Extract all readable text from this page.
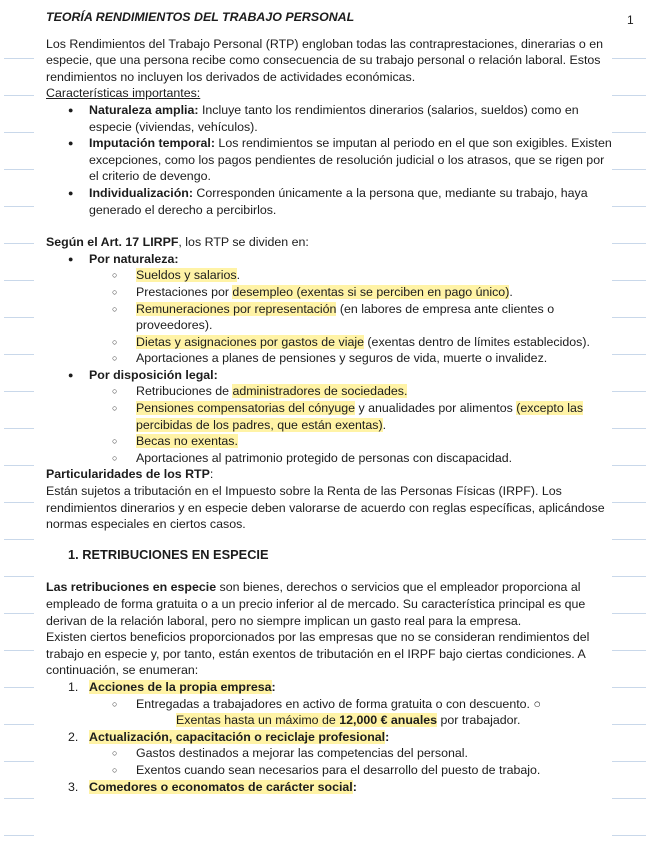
1

TEORÍA RENDIMIENTOS DEL TRABAJO PERSONAL

Los Rendimientos del Trabajo Personal (RTP) engloban todas las contraprestaciones, dinerarias o en especie, que una persona recibe como consecuencia de su trabajo personal o relación laboral. Estos rendimientos no incluyen los derivados de actividades económicas.

Características importantes:

● Naturaleza amplia: Incluye tanto los rendimientos dinerarios (salarios, sueldos) como en especie (viviendas, vehículos).
● Imputación temporal: Los rendimientos se imputan al periodo en el que son exigibles. Existen excepciones, como los pagos pendientes de resolución judicial o los atrasos, que se rigen por el criterio de devengo.
● Individualización: Corresponden únicamente a la persona que, mediante su trabajo, haya generado el derecho a percibirlos.

Según el Art. 17 LIRPF, los RTP se dividen en:

● Por naturaleza:
○ Sueldos y salarios.
○ Prestaciones por desempleo (exentas si se perciben en pago único).
○ Remuneraciones por representación (en labores de empresa ante clientes o proveedores).
○ Dietas y asignaciones por gastos de viaje (exentas dentro de límites establecidos).
○ Aportaciones a planes de pensiones y seguros de vida, muerte o invalidez.
● Por disposición legal:
○ Retribuciones de administradores de sociedades.
○ Pensiones compensatorias del cónyuge y anualidades por alimentos (excepto las percibidas de los padres, que están exentas).
○ Becas no exentas.
○ Aportaciones al patrimonio protegido de personas con discapacidad.

Particularidades de los RTP:

Están sujetos a tributación en el Impuesto sobre la Renta de las Personas Físicas (IRPF). Los rendimientos dinerarios y en especie deben valorarse de acuerdo con reglas específicas, aplicándose normas especiales en ciertos casos.

1. RETRIBUCIONES EN ESPECIE

Las retribuciones en especie son bienes, derechos o servicios que el empleador proporciona al empleado de forma gratuita o a un precio inferior al de mercado. Su característica principal es que derivan de la relación laboral, pero no siempre implican un gasto real para la empresa.

Existen ciertos beneficios proporcionados por las empresas que no se consideran rendimientos del trabajo en especie y, por tanto, están exentos de tributación en el IRPF bajo ciertas condiciones. A continuación, se enumeran:

1. Acciones de la propia empresa:
○ Entregadas a trabajadores en activo de forma gratuita o con descuento. ○
Exentas hasta un máximo de 12,000 € anuales por trabajador.
2. Actualización, capacitación o reciclaje profesional:
○ Gastos destinados a mejorar las competencias del personal.
○ Exentos cuando sean necesarios para el desarrollo del puesto de trabajo.
3. Comedores o economatos de carácter social:
